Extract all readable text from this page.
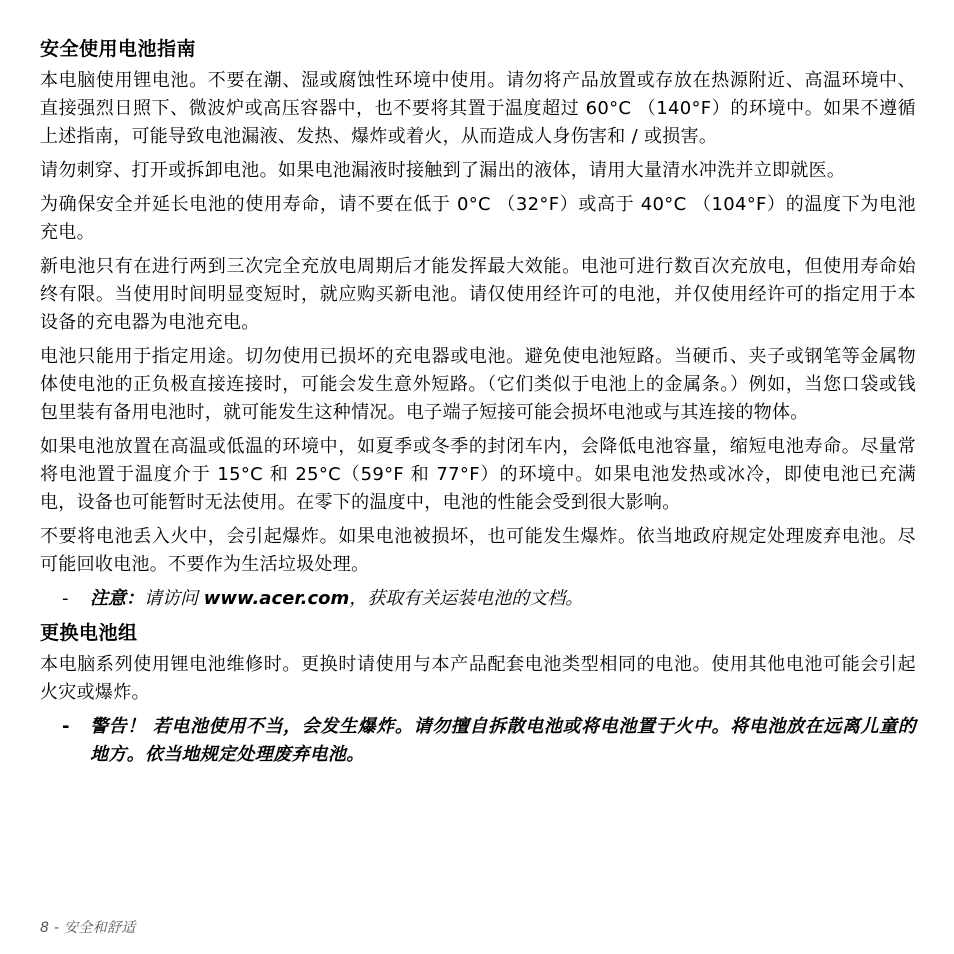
安全使用电池指南

本电脑使用锂电池。不要在潮、湿或腐蚀性环境中使用。请勿将产品放置或存放在热源附近、高温环境中、直接强烈日照下、微波炉或高压容器中，也不要将其置于温度超过 60°C （140°F）的环境中。如果不遵循上述指南，可能导致电池漏液、发热、爆炸或着火，从而造成人身伤害和 / 或损害。

请勿刺穿、打开或拆卸电池。如果电池漏液时接触到了漏出的液体，请用大量清水冲洗并立即就医。

为确保安全并延长电池的使用寿命，请不要在低于 0°C （32°F）或高于 40°C （104°F）的温度下为电池充电。

新电池只有在进行两到三次完全充放电周期后才能发挥最大效能。电池可进行数百次充放电，但使用寿命始终有限。当使用时间明显变短时，就应购买新电池。请仅使用经许可的电池，并仅使用经许可的指定用于本设备的充电器为电池充电。

电池只能用于指定用途。切勿使用已损坏的充电器或电池。避免使电池短路。当硬币、夹子或钢笔等金属物体使电池的正负极直接连接时，可能会发生意外短路。（它们类似于电池上的金属条。）例如，当您口袋或钱包里装有备用电池时，就可能发生这种情况。电子端子短接可能会损坏电池或与其连接的物体。

如果电池放置在高温或低温的环境中，如夏季或冬季的封闭车内，会降低电池容量，缩短电池寿命。尽量常将电池置于温度介于 15°C 和 25°C（59°F 和 77°F）的环境中。如果电池发热或冰冷，即使电池已充满电，设备也可能暂时无法使用。在零下的温度中，电池的性能会受到很大影响。

不要将电池丢入火中，会引起爆炸。如果电池被损坏，也可能发生爆炸。依当地政府规定处理废弃电池。尽可能回收电池。不要作为生活垃圾处理。

-	注意：请访问 www.acer.com，获取有关运装电池的文档。
更换电池组

本电脑系列使用锂电池维修时。更换时请使用与本产品配套电池类型相同的电池。使用其他电池可能会引起火灾或爆炸。

-	警告！ 若电池使用不当，会发生爆炸。请勿擅自拆散电池或将电池置于火中。将电池放在远离儿童的地方。依当地规定处理废弃电池。
8 - 安全和舒适
